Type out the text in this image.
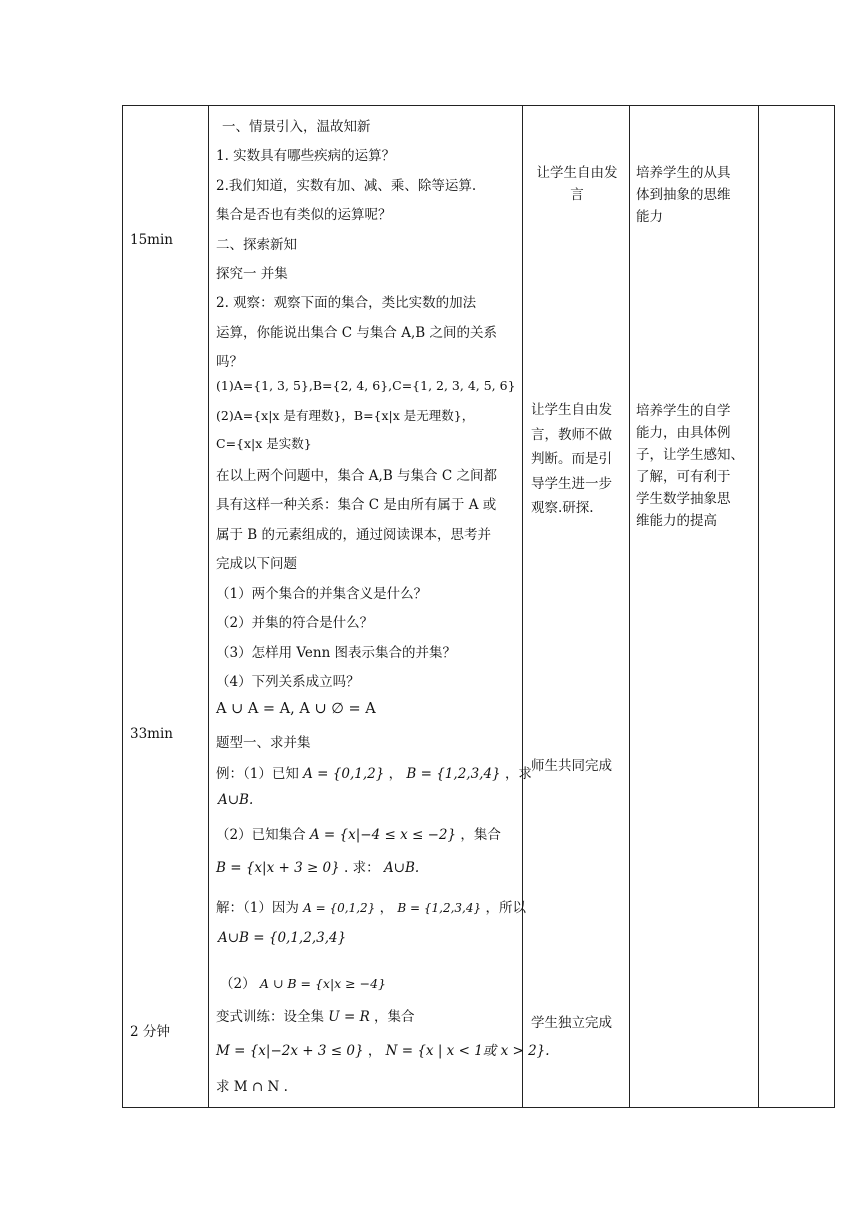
15min
33min
2 分钟
一、情景引入，温故知新
1. 实数具有哪些疾病的运算？
2.我们知道，实数有加、减、乘、除等运算.
集合是否也有类似的运算呢？
二、探索新知
探究一 并集
2. 观察：观察下面的集合，类比实数的加法
运算，你能说出集合 C 与集合 A,B 之间的关系
吗？
(1)A={1, 3, 5},B={2, 4, 6},C={1, 2, 3, 4, 5, 6}
(2)A={x|x 是有理数}，B={x|x 是无理数}，
C={x|x 是实数}
在以上两个问题中，集合 A,B 与集合 C 之间都
具有这样一种关系：集合 C 是由所有属于 A 或
属于 B 的元素组成的，通过阅读课本，思考并
完成以下问题
（1）两个集合的并集含义是什么？
（2）并集的符合是什么？
（3）怎样用 Venn 图表示集合的并集？
（4）下列关系成立吗？
A ∪ A = A, A ∪ ∅ = A
题型一、求并集
例：（1）已知 A = {0,1,2} ， B = {1,2,3,4} ，求
A∪B.
（2）已知集合 A = {x|−4 ≤ x ≤ −2} ，集合
B = {x|x + 3 ≥ 0} . 求： A∪B.
解：（1）因为 A = {0,1,2} ， B = {1,2,3,4} ，所以
A∪B = {0,1,2,3,4}
（2） A ∪ B = {x|x ≥ −4}
变式训练：设全集 U = R ，集合
M = {x|−2x + 3 ≤ 0} ， N = {x | x < 1或 x > 2}.
求 M ∩ N .
让学生自由发
言
让学生自由发
言，教师不做
判断。而是引
导学生进一步
观察.研探.
师生共同完成
学生独立完成
培养学生的从具
体到抽象的思维
能力
培养学生的自学
能力，由具体例
子，让学生感知、
了解，可有利于
学生数学抽象思
维能力的提高
